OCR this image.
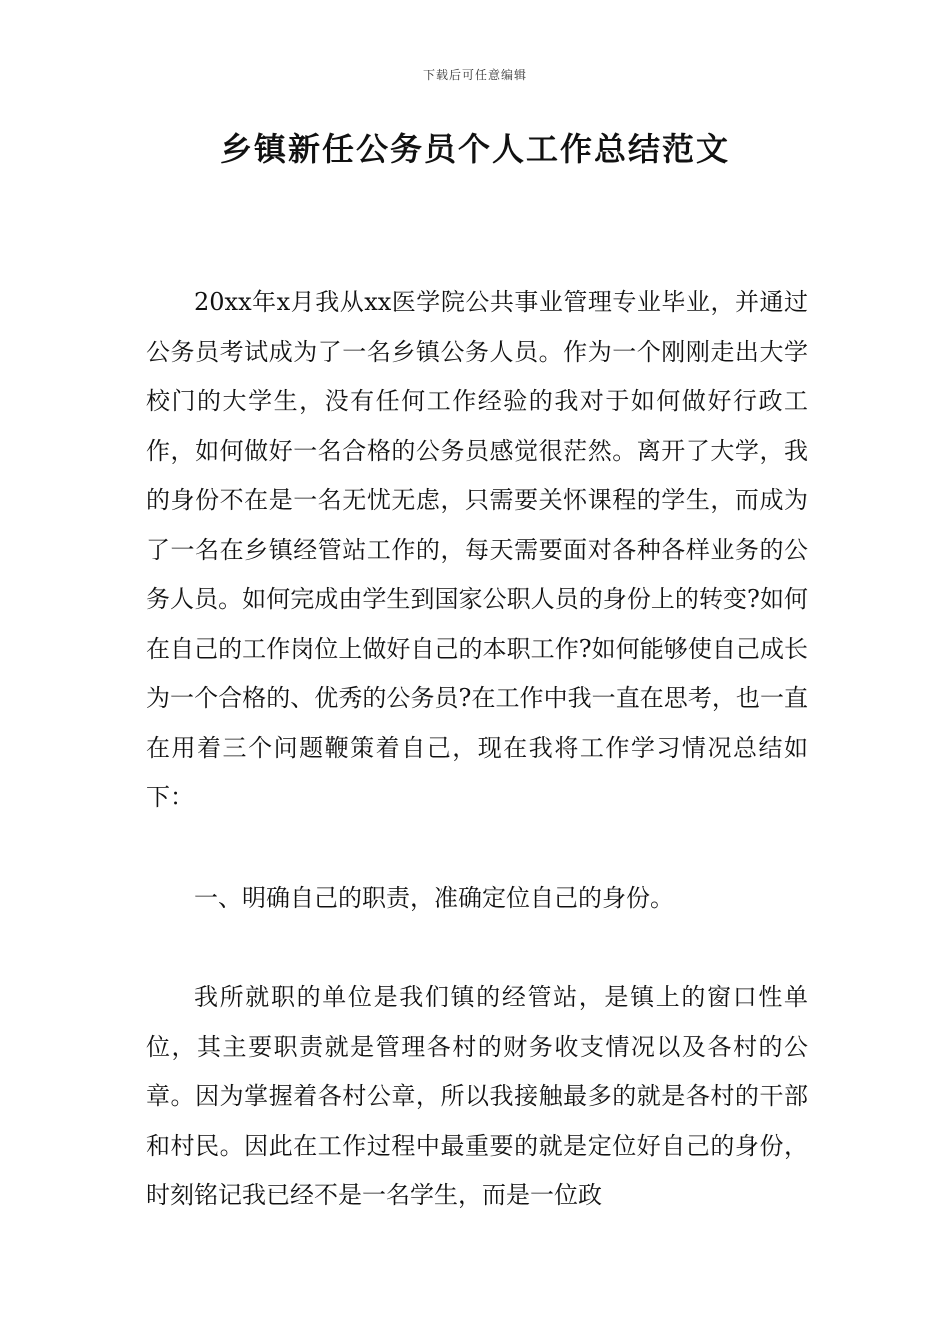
下载后可任意编辑
乡镇新任公务员个人工作总结范文

20xx年x月我从xx医学院公共事业管理专业毕业，并通过公务员考试成为了一名乡镇公务人员。作为一个刚刚走出大学校门的大学生，没有任何工作经验的我对于如何做好行政工作，如何做好一名合格的公务员感觉很茫然。离开了大学，我的身份不在是一名无忧无虑，只需要关怀课程的学生，而成为了一名在乡镇经管站工作的，每天需要面对各种各样业务的公务人员。如何完成由学生到国家公职人员的身份上的转变?如何在自己的工作岗位上做好自己的本职工作?如何能够使自己成长为一个合格的、优秀的公务员?在工作中我一直在思考，也一直在用着三个问题鞭策着自己，现在我将工作学习情况总结如下：

一、明确自己的职责，准确定位自己的身份。

我所就职的单位是我们镇的经管站，是镇上的窗口性单位，其主要职责就是管理各村的财务收支情况以及各村的公章。因为掌握着各村公章，所以我接触最多的就是各村的干部和村民。因此在工作过程中最重要的就是定位好自己的身份，时刻铭记我已经不是一名学生，而是一位政
